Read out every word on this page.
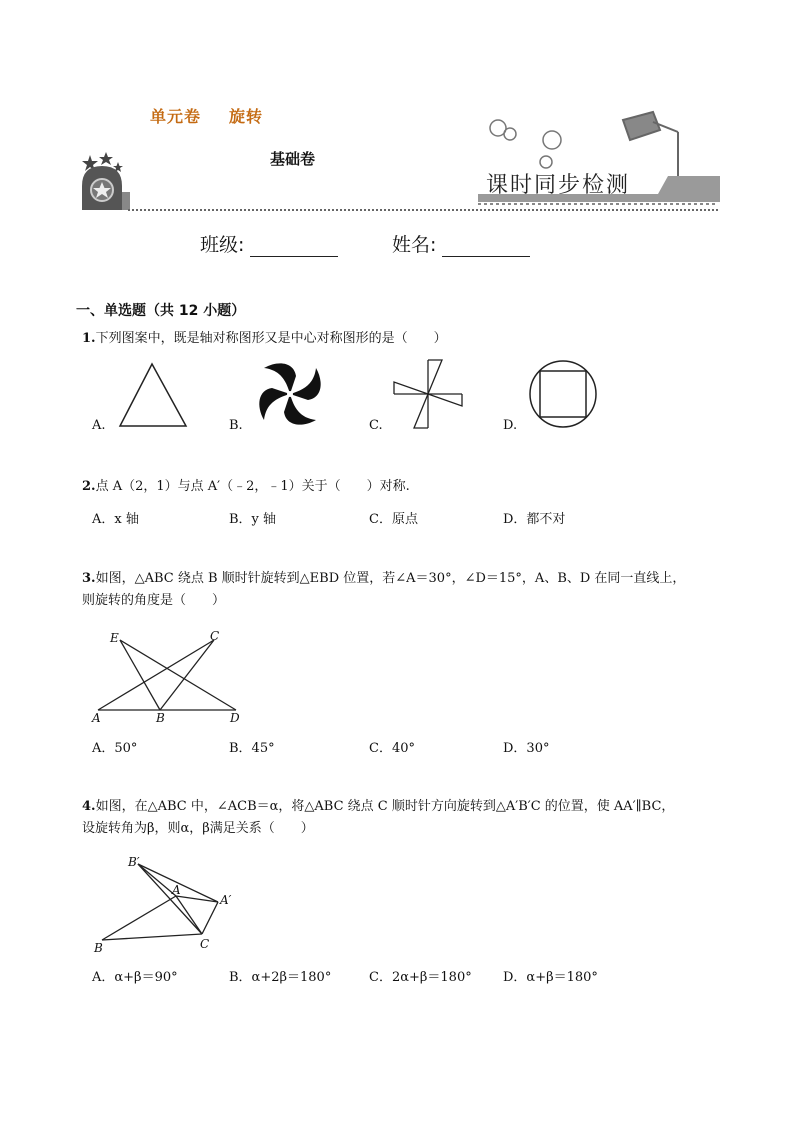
单元卷 旋转
基础卷
课时同步检测
班级:	姓名:
一、单选题（共 12 小题）
1.下列图案中，既是轴对称图形又是中心对称图形的是（　　）
A.	B.	C.	D.
2.点 A（2，1）与点 A′（﹣2，﹣1）关于（　　）对称.
A．x 轴	B．y 轴	C．原点	D．都不对
3.如图，△ABC 绕点 B 顺时针旋转到△EBD 位置，若∠A＝30°，∠D＝15°，A、B、D 在同一直线上，
则旋转的角度是（　　）
E	C
A	B	D
A．50°	B．45°	C．40°	D．30°
4.如图，在△ABC 中，∠ACB＝α，将△ABC 绕点 C 顺时针方向旋转到△A′B′C 的位置，使 AA′∥BC，
设旋转角为β，则α，β满足关系（　　）
B′
A
A′
B	C
A．α+β＝90°	B．α+2β＝180°	C．2α+β＝180° D．α+β＝180°
